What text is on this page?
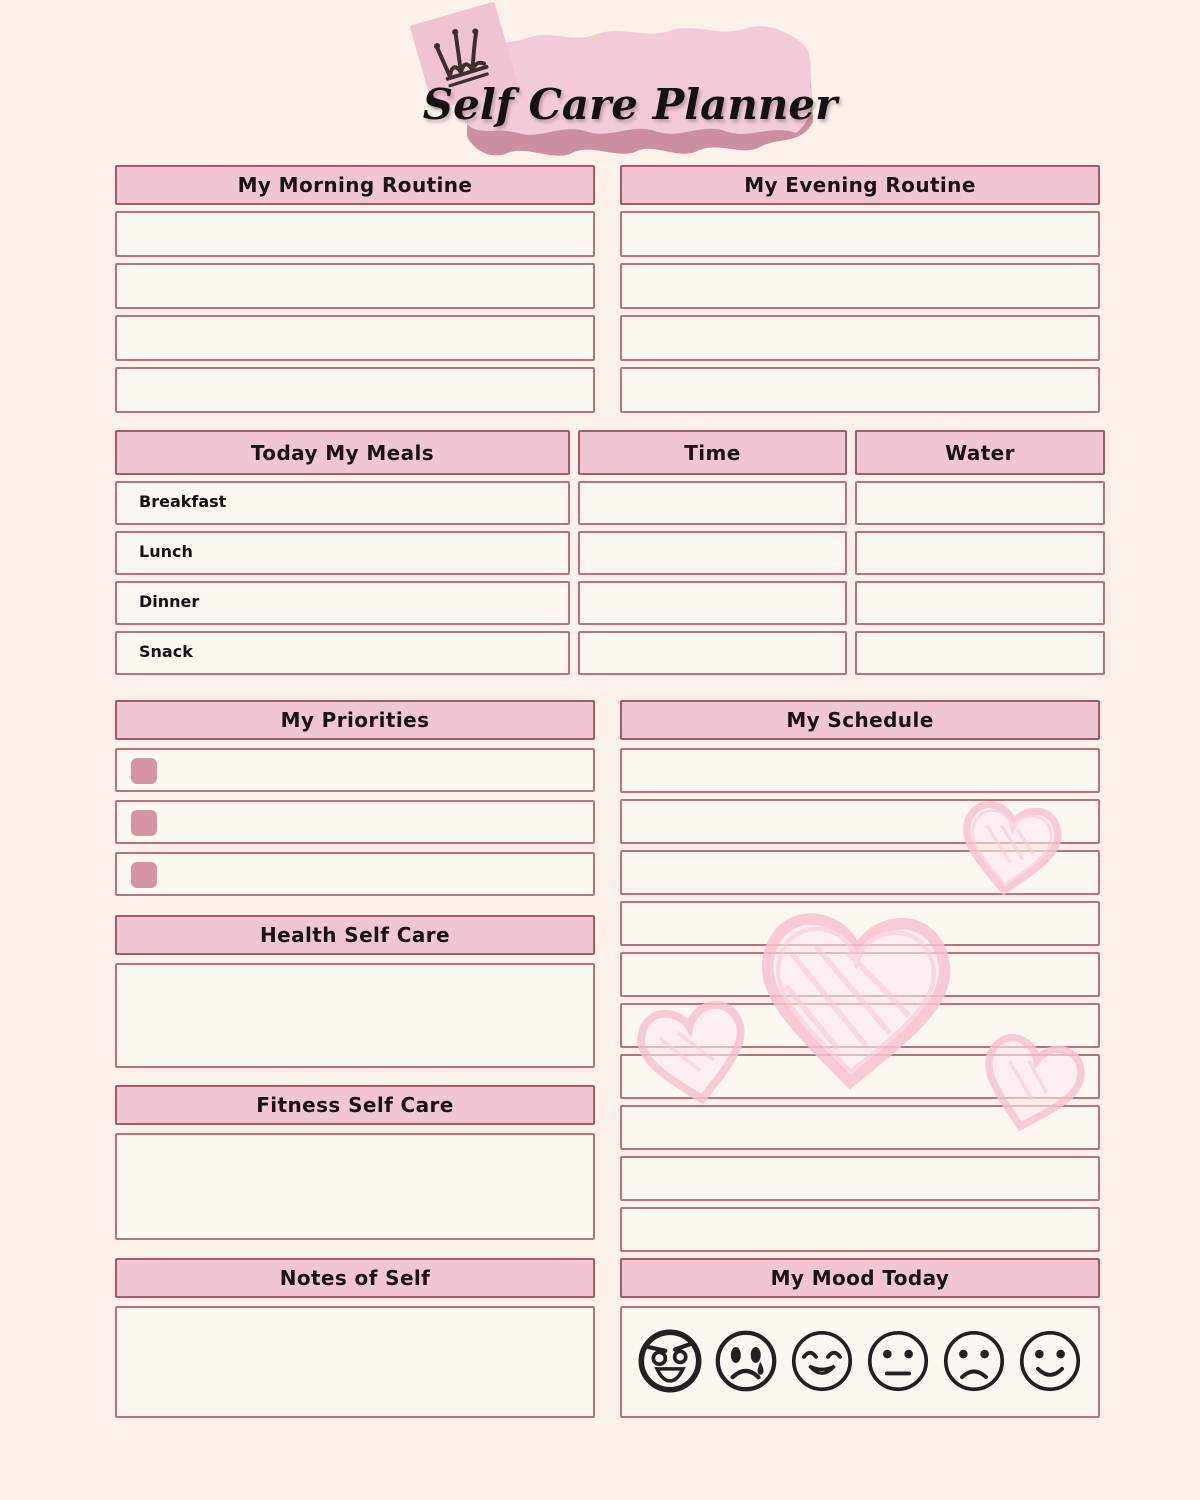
Self Care Planner
My Morning Routine	My Evening Routine
Today My Meals	Time	Water
Breakfast
Lunch
Dinner
Snack
My Priorities
Health Self Care
Fitness Self Care
Notes of Self
My Schedule
My Mood Today
